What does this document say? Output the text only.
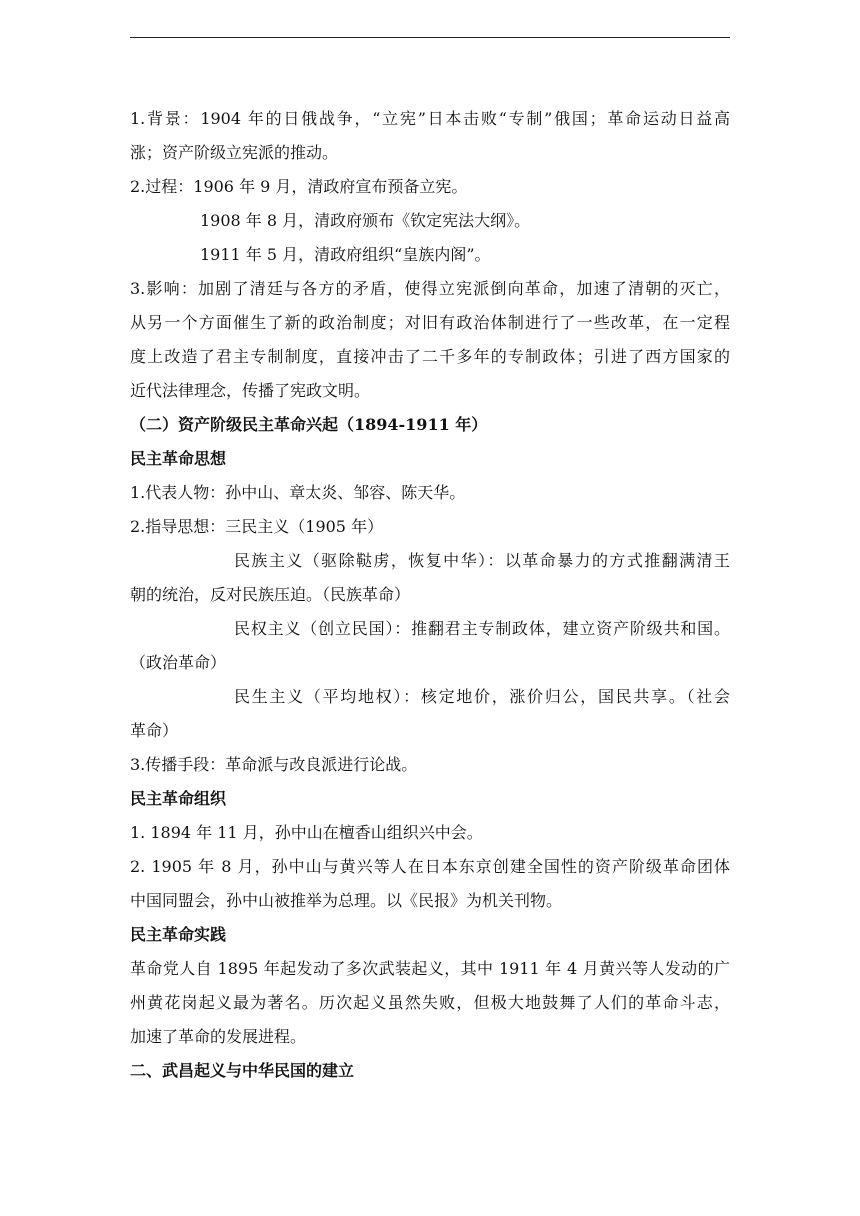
1.背景：1904 年的日俄战争，“立宪”日本击败“专制”俄国；革命运动日益高
涨；资产阶级立宪派的推动。
2.过程：1906 年 9 月，清政府宣布预备立宪。
1908 年 8 月，清政府颁布《钦定宪法大纲》。
1911 年 5 月，清政府组织“皇族内阁”。
3.影响：加剧了清廷与各方的矛盾，使得立宪派倒向革命，加速了清朝的灭亡，
从另一个方面催生了新的政治制度；对旧有政治体制进行了一些改革，在一定程
度上改造了君主专制制度，直接冲击了二千多年的专制政体；引进了西方国家的
近代法律理念，传播了宪政文明。
（二）资产阶级民主革命兴起（1894-1911 年）
民主革命思想
1.代表人物：孙中山、章太炎、邹容、陈天华。
2.指导思想：三民主义（1905 年）
民族主义（驱除鞑虏，恢复中华）：以革命暴力的方式推翻满清王
朝的统治，反对民族压迫。（民族革命）
民权主义（创立民国）：推翻君主专制政体，建立资产阶级共和国。
（政治革命）
民生主义（平均地权）：核定地价，涨价归公，国民共享。（社会
革命）
3.传播手段：革命派与改良派进行论战。
民主革命组织
1. 1894 年 11 月，孙中山在檀香山组织兴中会。
2. 1905 年 8 月，孙中山与黄兴等人在日本东京创建全国性的资产阶级革命团体
中国同盟会，孙中山被推举为总理。以《民报》为机关刊物。
民主革命实践
革命党人自 1895 年起发动了多次武装起义，其中 1911 年 4 月黄兴等人发动的广
州黄花岗起义最为著名。历次起义虽然失败，但极大地鼓舞了人们的革命斗志，
加速了革命的发展进程。
二、武昌起义与中华民国的建立
